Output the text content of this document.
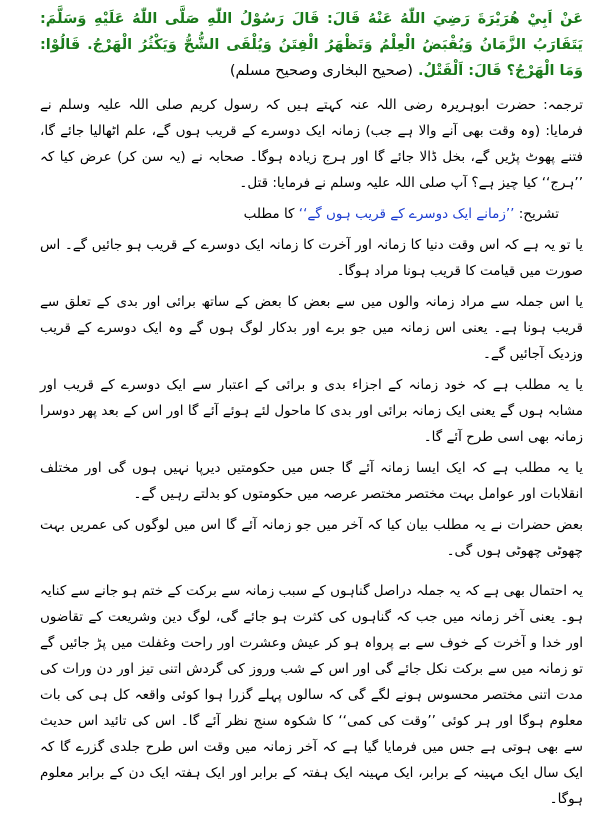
عَنْ اَبِيْ هُرَيْرَةَ رَضِيَ اللّٰهُ عَنْهُ قَالَ: قَالَ رَسُوْلُ اللّٰهِ صَلَّى اللّٰهُ عَلَيْهِ وَسَلَّمَ: يَتَقَارَبُ الزَّمَانُ وَيُقْبَضُ الْعِلْمُ وَتَظْهَرُ الْفِتَنُ وَيُلْقَى الشُّحُّ وَيَكْثُرُ الْهَرْجُ. قَالُوْا: وَمَا الْهَرْجُ؟ قَالَ: اَلْقَتْلُ. (صحيح البخاری وصحيح مسلم)

ترجمہ: حضرت ابوہریرہ رضی اللہ عنہ کہتے ہیں کہ رسول کریم صلی اللہ علیہ وسلم نے فرمایا: (وہ وقت بھی آنے والا ہے جب) زمانہ ایک دوسرے کے قریب ہوں گے، علم اٹھالیا جائے گا، فتنے پھوٹ پڑیں گے، بخل ڈالا جائے گا اور ہرج زیادہ ہوگا۔ صحابہ نے (یہ سن کر) عرض کیا کہ ’’ہرج‘‘ کیا چیز ہے؟ آپ صلی اللہ علیہ وسلم نے فرمایا: قتل۔

تشریح: ’’زمانے ایک دوسرے کے قریب ہوں گے‘‘ کا مطلب

یا تو یہ ہے کہ اس وقت دنیا کا زمانہ اور آخرت کا زمانہ ایک دوسرے کے قریب ہو جائیں گے۔ اس صورت میں قیامت کا قریب ہونا مراد ہوگا۔

یا اس جملہ سے مراد زمانہ والوں میں سے بعض کا بعض کے ساتھ برائی اور بدی کے تعلق سے قریب ہونا ہے۔ یعنی اس زمانہ میں جو برے اور بدکار لوگ ہوں گے وہ ایک دوسرے کے قریب وزدیک آجائیں گے۔

یا یہ مطلب ہے کہ خود زمانہ کے اجزاء بدی و برائی کے اعتبار سے ایک دوسرے کے قریب اور مشابہ ہوں گے یعنی ایک زمانہ برائی اور بدی کا ماحول لئے ہوئے آئے گا اور اس کے بعد پھر دوسرا زمانہ بھی اسی طرح آئے گا۔

یا یہ مطلب ہے کہ ایک ایسا زمانہ آئے گا جس میں حکومتیں دیرپا نہیں ہوں گی اور مختلف انقلابات اور عوامل بہت مختصر مختصر عرصہ میں حکومتوں کو بدلتے رہیں گے۔

بعض حضرات نے یہ مطلب بیان کیا کہ آخر میں جو زمانہ آئے گا اس میں لوگوں کی عمریں بہت چھوٹی چھوٹی ہوں گی۔

یہ احتمال بھی ہے کہ یہ جملہ دراصل گناہوں کے سبب زمانہ سے برکت کے ختم ہو جانے سے کنایہ ہو۔ یعنی آخر زمانہ میں جب کہ گناہوں کی کثرت ہو جائے گی، لوگ دین وشریعت کے تقاضوں اور خدا و آخرت کے خوف سے بے پرواہ ہو کر عیش وعشرت اور راحت وغفلت میں پڑ جائیں گے تو زمانہ میں سے برکت نکل جائے گی اور اس کے شب وروز کی گردش اتنی تیز اور دن ورات کی مدت اتنی مختصر محسوس ہونے لگے گی کہ سالوں پہلے گزرا ہوا کوئی واقعہ کل ہی کی بات معلوم ہوگا اور ہر کوئی ’’وقت کی کمی‘‘ کا شکوہ سنج نظر آئے گا۔ اس کی تائید اس حدیث سے بھی ہوتی ہے جس میں فرمایا گیا ہے کہ آخر زمانہ میں وقت اس طرح جلدی گزرے گا کہ ایک سال ایک مہینہ کے برابر، ایک مہینہ ایک ہفتہ کے برابر اور ایک ہفتہ ایک دن کے برابر معلوم ہوگا۔
